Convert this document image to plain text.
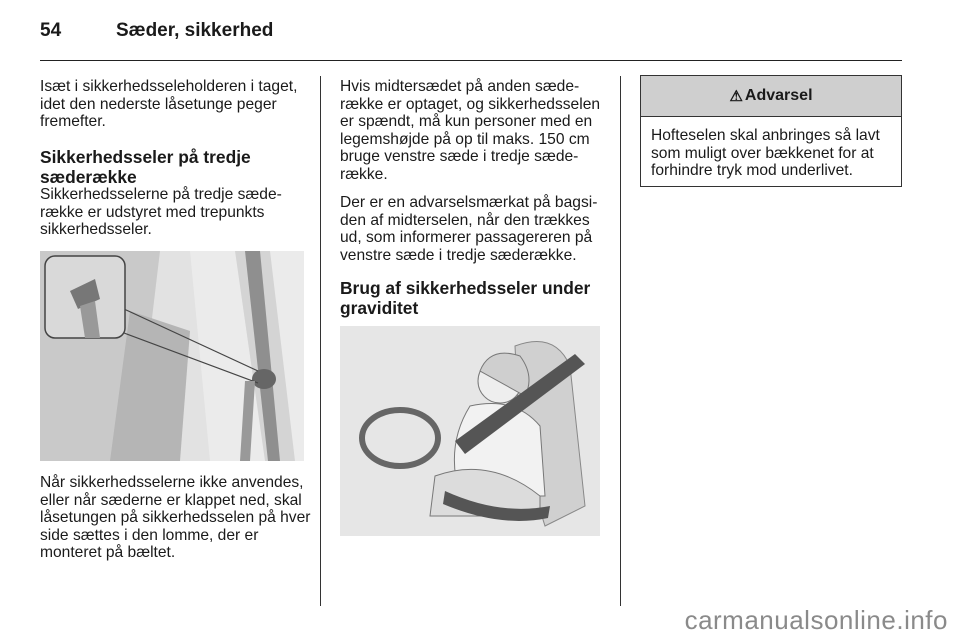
54	Sæder, sikkerhed
Isæt i sikkerhedsseleholderen i taget, idet den nederste låsetunge peger fremefter.
Sikkerhedsseler på tredje sæderække
Sikkerhedsselerne på tredje sæderække er udstyret med trepunkts sikkerhedsseler.
Når sikkerhedsselerne ikke anvendes, eller når sæderne er klappet ned, skal låsetungen på sikkerhedsselen på hver side sættes i den lomme, der er monteret på bæltet.
Hvis midtersædet på anden sæderække er optaget, og sikkerhedsselen er spændt, må kun personer med en legemshøjde på op til maks. 150 cm bruge venstre sæde i tredje sæderække.
Der er en advarselsmærkat på bagsiden af midterselen, når den trækkes ud, som informerer passagereren på venstre sæde i tredje sæderække.
Brug af sikkerhedsseler under graviditet
⚠ Advarsel
Hofteselen skal anbringes så lavt som muligt over bækkenet for at forhindre tryk mod underlivet.
carmanualsonline.info
